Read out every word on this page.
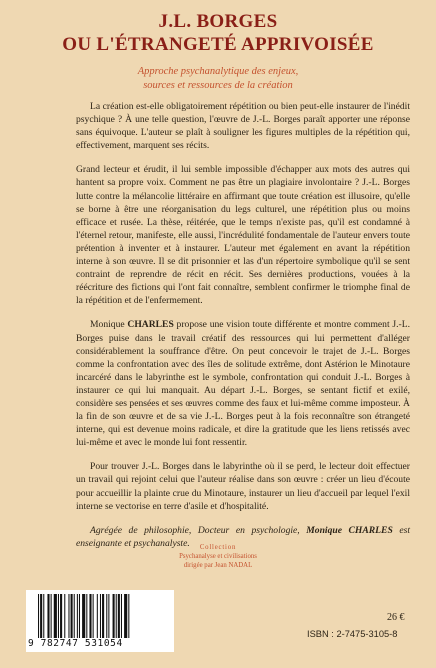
J.L. BORGES
OU L'ÉTRANGETÉ APPRIVOISÉE
Approche psychanalytique des enjeux,
sources et ressources de la création

La création est-elle obligatoirement répétition ou bien peut-elle instaurer de l'inédit psychique ? À une telle question, l'œuvre de J.-L. Borges paraît apporter une réponse sans équivoque. L'auteur se plaît à souligner les figures multiples de la répétition qui, effectivement, marquent ses récits.

Grand lecteur et érudit, il lui semble impossible d'échapper aux mots des autres qui hantent sa propre voix. Comment ne pas être un plagiaire involontaire ? J.-L. Borges lutte contre la mélancolie littéraire en affirmant que toute création est illusoire, qu'elle se borne à être une réorganisation du legs culturel, une répétition plus ou moins efficace et rusée. La thèse, réitérée, que le temps n'existe pas, qu'il est condamné à l'éternel retour, manifeste, elle aussi, l'incrédulité fondamentale de l'auteur envers toute prétention à inventer et à instaurer. L'auteur met également en avant la répétition interne à son œuvre. Il se dit prisonnier et las d'un répertoire symbolique qu'il se sent contraint de reprendre de récit en récit. Ses dernières productions, vouées à la réécriture des fictions qui l'ont fait connaître, semblent confirmer le triomphe final de la répétition et de l'enfermement.

Monique CHARLES propose une vision toute différente et montre comment J.-L. Borges puise dans le travail créatif des ressources qui lui permettent d'alléger considérablement la souffrance d'être. On peut concevoir le trajet de J.-L. Borges comme la confrontation avec des îles de solitude extrême, dont Astérion le Minotaure incarcéré dans le labyrinthe est le symbole, confrontation qui conduit J.-L. Borges à instaurer ce qui lui manquait. Au départ J.-L. Borges, se sentant fictif et exilé, considère ses pensées et ses œuvres comme des faux et lui-même comme imposteur. À la fin de son œuvre et de sa vie J.-L. Borges peut à la fois reconnaître son étrangeté interne, qui est devenue moins radicale, et dire la gratitude que les liens retissés avec lui-même et avec le monde lui font ressentir.

Pour trouver J.-L. Borges dans le labyrinthe où il se perd, le lecteur doit effectuer un travail qui rejoint celui que l'auteur réalise dans son œuvre : créer un lieu d'écoute pour accueillir la plainte crue du Minotaure, instaurer un lieu d'accueil par lequel l'exil interne se vectorise en terre d'asile et d'hospitalité.

Agrégée de philosophie, Docteur en psychologie, Monique CHARLES est enseignante et psychanalyste.	Collection
Psychanalyse et civilisations
dirigée par Jean NADAL
9 782747 531054
26 €
ISBN : 2-7475-3105-8
